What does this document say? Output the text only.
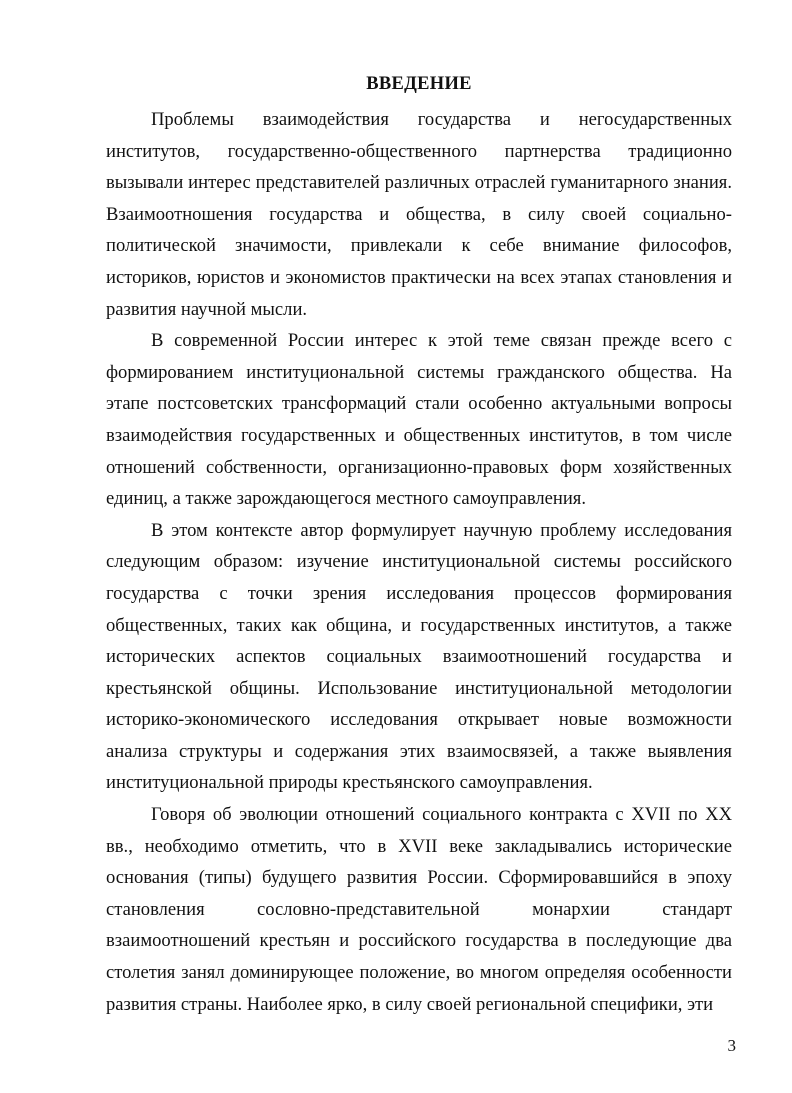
ВВЕДЕНИЕ

Проблемы взаимодействия государства и негосударственных институтов, государственно-общественного партнерства традиционно вызывали интерес представителей различных отраслей гуманитарного знания. Взаимоотношения государства и общества, в силу своей социально-политической значимости, привлекали к себе внимание философов, историков, юристов и экономистов практически на всех этапах становления и развития научной мысли.

В современной России интерес к этой теме связан прежде всего с формированием институциональной системы гражданского общества. На этапе постсоветских трансформаций стали особенно актуальными вопросы взаимодействия государственных и общественных институтов, в том числе отношений собственности, организационно-правовых форм хозяйственных единиц, а также зарождающегося местного самоуправления.

В этом контексте автор формулирует научную проблему исследования следующим образом: изучение институциональной системы российского государства с точки зрения исследования процессов формирования общественных, таких как община, и государственных институтов, а также исторических аспектов социальных взаимоотношений государства и крестьянской общины. Использование институциональной методологии историко-экономического исследования открывает новые возможности анализа структуры и содержания этих взаимосвязей, а также выявления институциональной природы крестьянского самоуправления.

Говоря об эволюции отношений социального контракта с XVII по XX вв., необходимо отметить, что в XVII веке закладывались исторические основания (типы) будущего развития России. Сформировавшийся в эпоху становления сословно-представительной монархии стандарт взаимоотношений крестьян и российского государства в последующие два столетия занял доминирующее положение, во многом определяя особенности развития страны. Наиболее ярко, в силу своей региональной специфики, эти

3
